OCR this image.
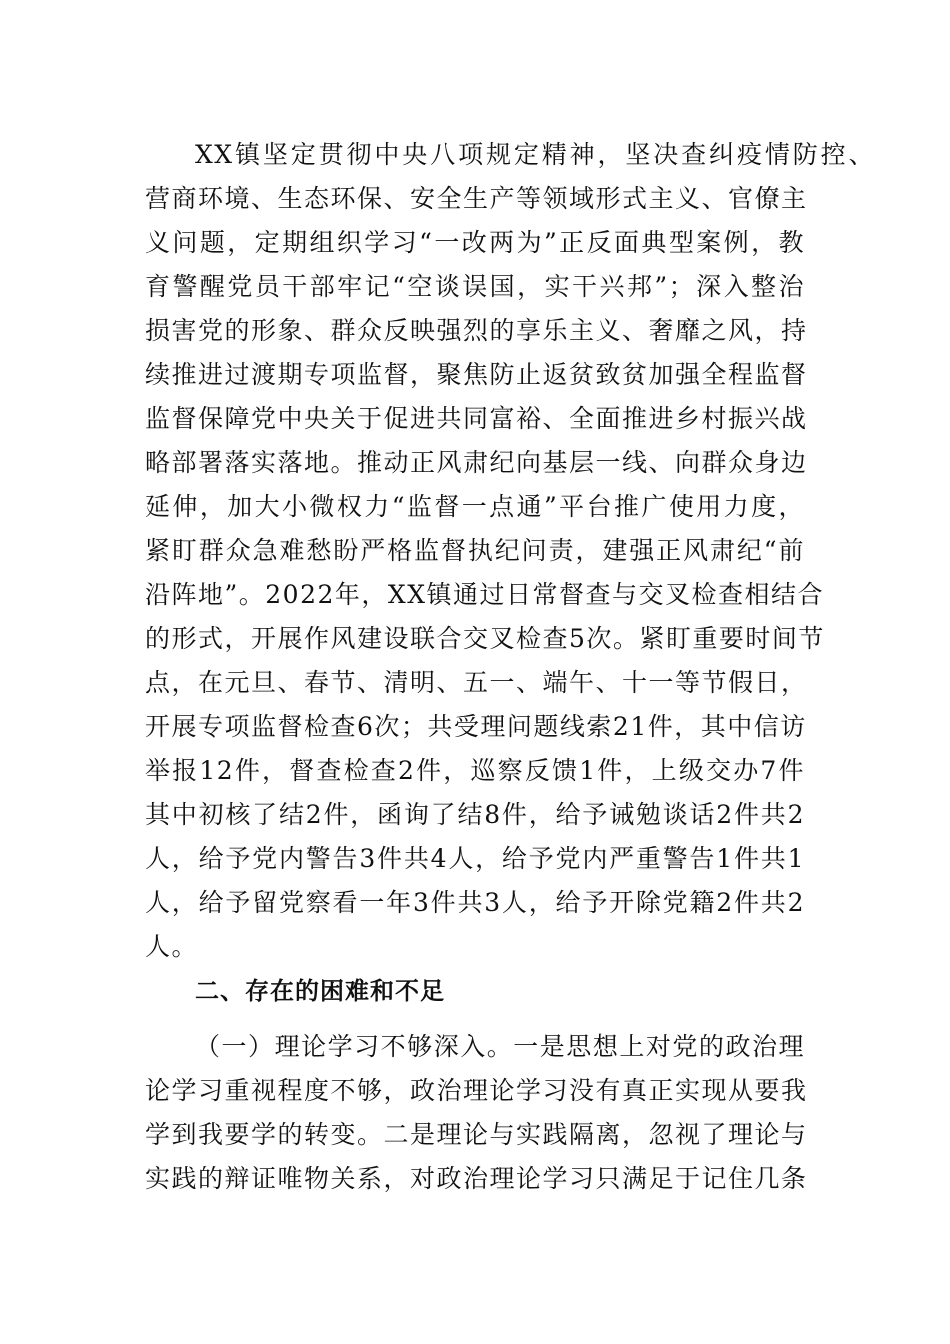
XX镇坚定贯彻中央八项规定精神，坚决查纠疫情防控、
营商环境、生态环保、安全生产等领域形式主义、官僚主
义问题，定期组织学习“一改两为”正反面典型案例，教
育警醒党员干部牢记“空谈误国，实干兴邦”；深入整治
损害党的形象、群众反映强烈的享乐主义、奢靡之风，持
续推进过渡期专项监督，聚焦防止返贫致贫加强全程监督
监督保障党中央关于促进共同富裕、全面推进乡村振兴战
略部署落实落地。推动正风肃纪向基层一线、向群众身边
延伸，加大小微权力“监督一点通”平台推广使用力度，
紧盯群众急难愁盼严格监督执纪问责，建强正风肃纪“前
沿阵地”。2022年，XX镇通过日常督查与交叉检查相结合
的形式，开展作风建设联合交叉检查5次。紧盯重要时间节
点，在元旦、春节、清明、五一、端午、十一等节假日，
开展专项监督检查6次；共受理问题线索21件，其中信访
举报12件，督查检查2件，巡察反馈1件，上级交办7件
其中初核了结2件，函询了结8件，给予诫勉谈话2件共2
人，给予党内警告3件共4人，给予党内严重警告1件共1
人，给予留党察看一年3件共3人，给予开除党籍2件共2
人。
二、存在的困难和不足
（一）理论学习不够深入。一是思想上对党的政治理
论学习重视程度不够，政治理论学习没有真正实现从要我
学到我要学的转变。二是理论与实践隔离，忽视了理论与
实践的辩证唯物关系，对政治理论学习只满足于记住几条
